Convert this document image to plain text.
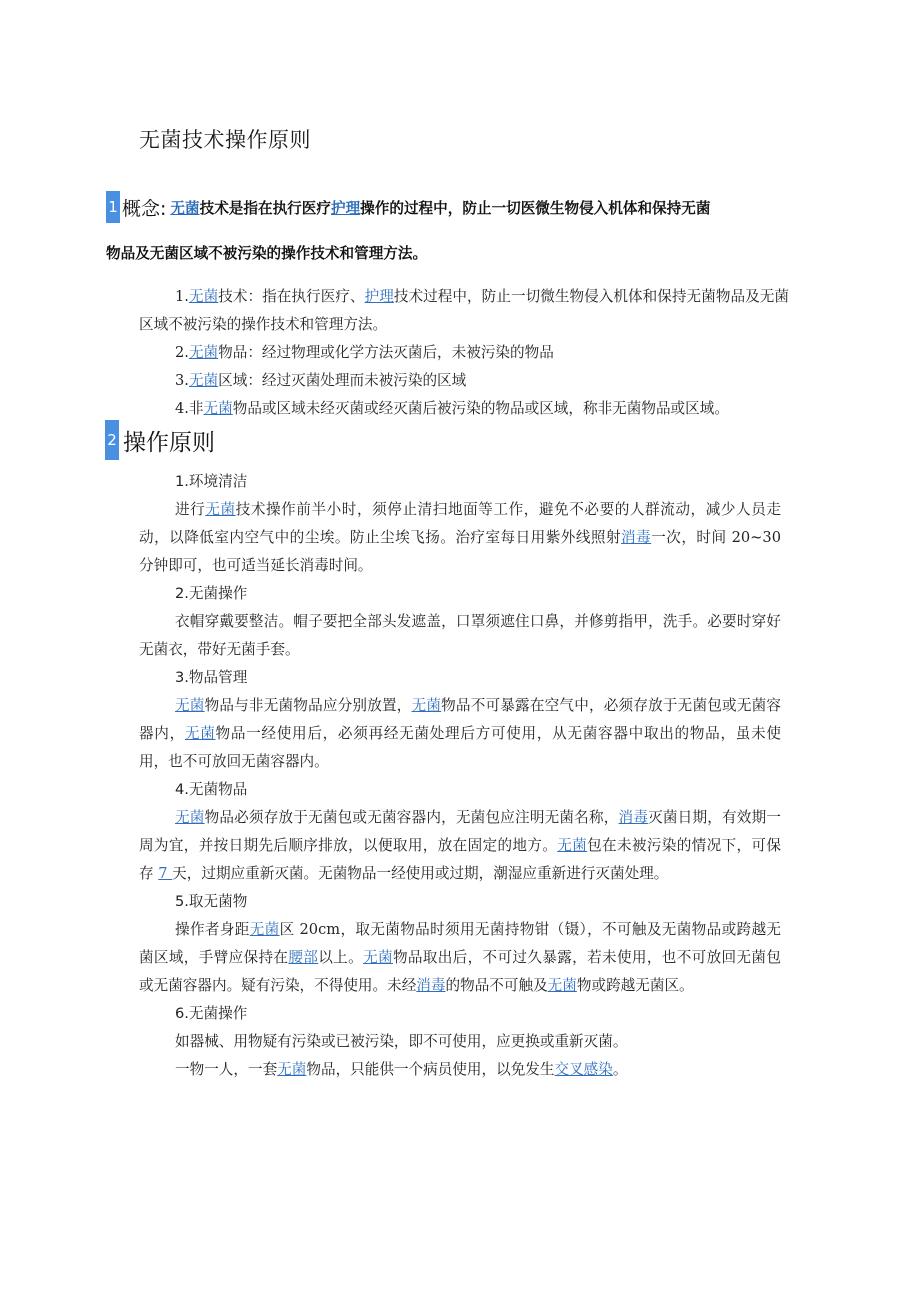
无菌技术操作原则
1 概念: 无菌技术是指在执行医疗护理操作的过程中，防止一切医微生物侵入机体和保持无菌
物品及无菌区域不被污染的操作技术和管理方法。

1.无菌技术：指在执行医疗、护理技术过程中，防止一切微生物侵入机体和保持无菌物品及无菌区域不被污染的操作技术和管理方法。

2.无菌物品：经过物理或化学方法灭菌后，未被污染的物品

3.无菌区域：经过灭菌处理而未被污染的区域

4.非无菌物品或区域未经灭菌或经灭菌后被污染的物品或区域，称非无菌物品或区域。

2 操作原则

1.环境清洁

进行无菌技术操作前半小时，须停止清扫地面等工作，避免不必要的人群流动，减少人员走动，以降低室内空气中的尘埃。防止尘埃飞扬。治疗室每日用紫外线照射消毒一次，时间 20~30 分钟即可，也可适当延长消毒时间。

2.无菌操作

衣帽穿戴要整洁。帽子要把全部头发遮盖，口罩须遮住口鼻，并修剪指甲，洗手。必要时穿好无菌衣，带好无菌手套。

3.物品管理

无菌物品与非无菌物品应分别放置，无菌物品不可暴露在空气中，必须存放于无菌包或无菌容器内，无菌物品一经使用后，必须再经无菌处理后方可使用，从无菌容器中取出的物品，虽未使用，也不可放回无菌容器内。

4.无菌物品

无菌物品必须存放于无菌包或无菌容器内，无菌包应注明无菌名称，消毒灭菌日期，有效期一周为宜，并按日期先后顺序排放，以便取用，放在固定的地方。无菌包在未被污染的情况下，可保存 7 天，过期应重新灭菌。无菌物品一经使用或过期，潮湿应重新进行灭菌处理。

5.取无菌物

操作者身距无菌区 20cm，取无菌物品时须用无菌持物钳（镊），不可触及无菌物品或跨越无菌区域，手臂应保持在腰部以上。无菌物品取出后，不可过久暴露，若未使用，也不可放回无菌包或无菌容器内。疑有污染，不得使用。未经消毒的物品不可触及无菌物或跨越无菌区。

6.无菌操作

如器械、用物疑有污染或已被污染，即不可使用，应更换或重新灭菌。

一物一人，一套无菌物品，只能供一个病员使用，以免发生交叉感染。
